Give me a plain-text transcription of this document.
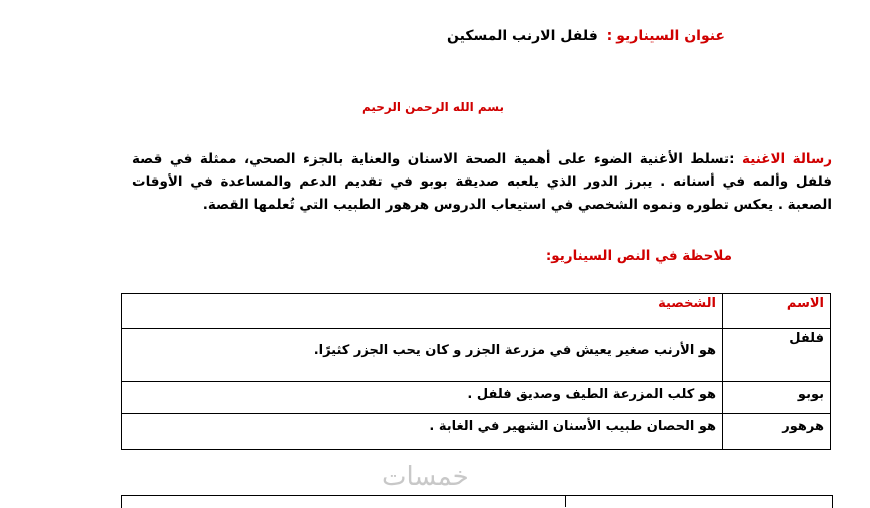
عنوان السيناريو: فلفل الارنب المسكين
بسم الله الرحمن الرحيم
رسالة الاغنية :تسلط الأغنية الضوء على أهمية الصحة الاسنان والعناية بالجزء الصحي، ممثلة في قصة فلفل وألمه في أسنانه . يبرز الدور الذي يلعبه صديقة بوبو في تقديم الدعم والمساعدة في الأوقات الصعبة . يعكس تطوره ونموه الشخصي في استيعاب الدروس هرهور الطبيب التي تُعلمها القصة.
ملاحظة في النص السيناريو:
الاسم	الشخصية

فلفل	هو الأرنب صغير يعيش في مزرعة الجزر و كان يحب الجزر كثيرًا.

بوبو	هو كلب المزرعة الطيف وصديق فلفل .

هرهور	هو الحصان طبيب الأسنان الشهير في الغابة .
خمسات
